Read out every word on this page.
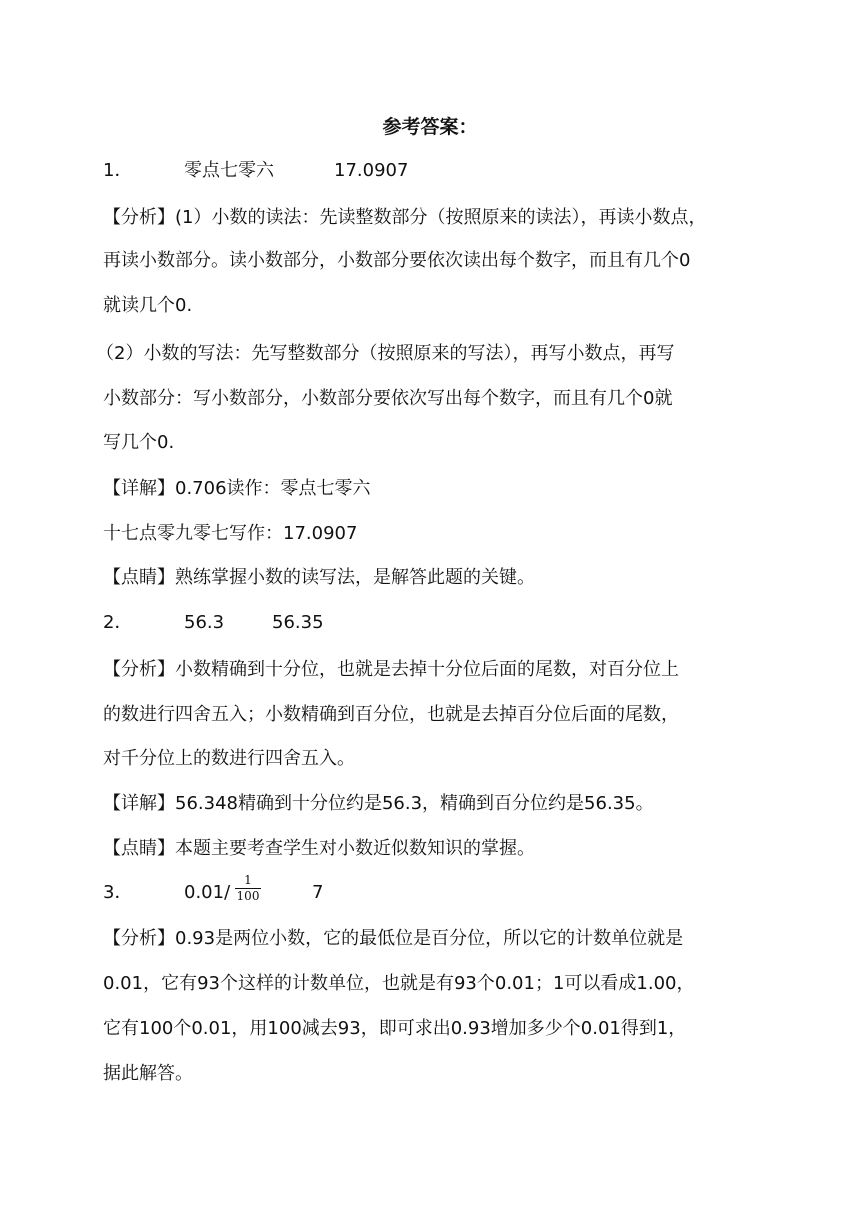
参考答案：
1．	零点七零六	17.0907
【分析】(1）小数的读法：先读整数部分（按照原来的读法），再读小数点，
再读小数部分。读小数部分，小数部分要依次读出每个数字，而且有几个0
就读几个0.
（2）小数的写法：先写整数部分（按照原来的写法），再写小数点，再写
小数部分：写小数部分，小数部分要依次写出每个数字，而且有几个0就
写几个0.
【详解】0.706读作：零点七零六
十七点零九零七写作：17.0907
【点睛】熟练掌握小数的读写法，是解答此题的关键。
2．	56.3	56.35
【分析】小数精确到十分位，也就是去掉十分位后面的尾数，对百分位上
的数进行四舍五入；小数精确到百分位，也就是去掉百分位后面的尾数，
对千分位上的数进行四舍五入。
【详解】56.348精确到十分位约是56.3，精确到百分位约是56.35。
【点睛】本题主要考查学生对小数近似数知识的掌握。
3．	0.01/
1
100	7
【分析】0.93是两位小数，它的最低位是百分位，所以它的计数单位就是
0.01，它有93个这样的计数单位，也就是有93个0.01；1可以看成1.00，
它有100个0.01，用100减去93，即可求出0.93增加多少个0.01得到1，
据此解答。
